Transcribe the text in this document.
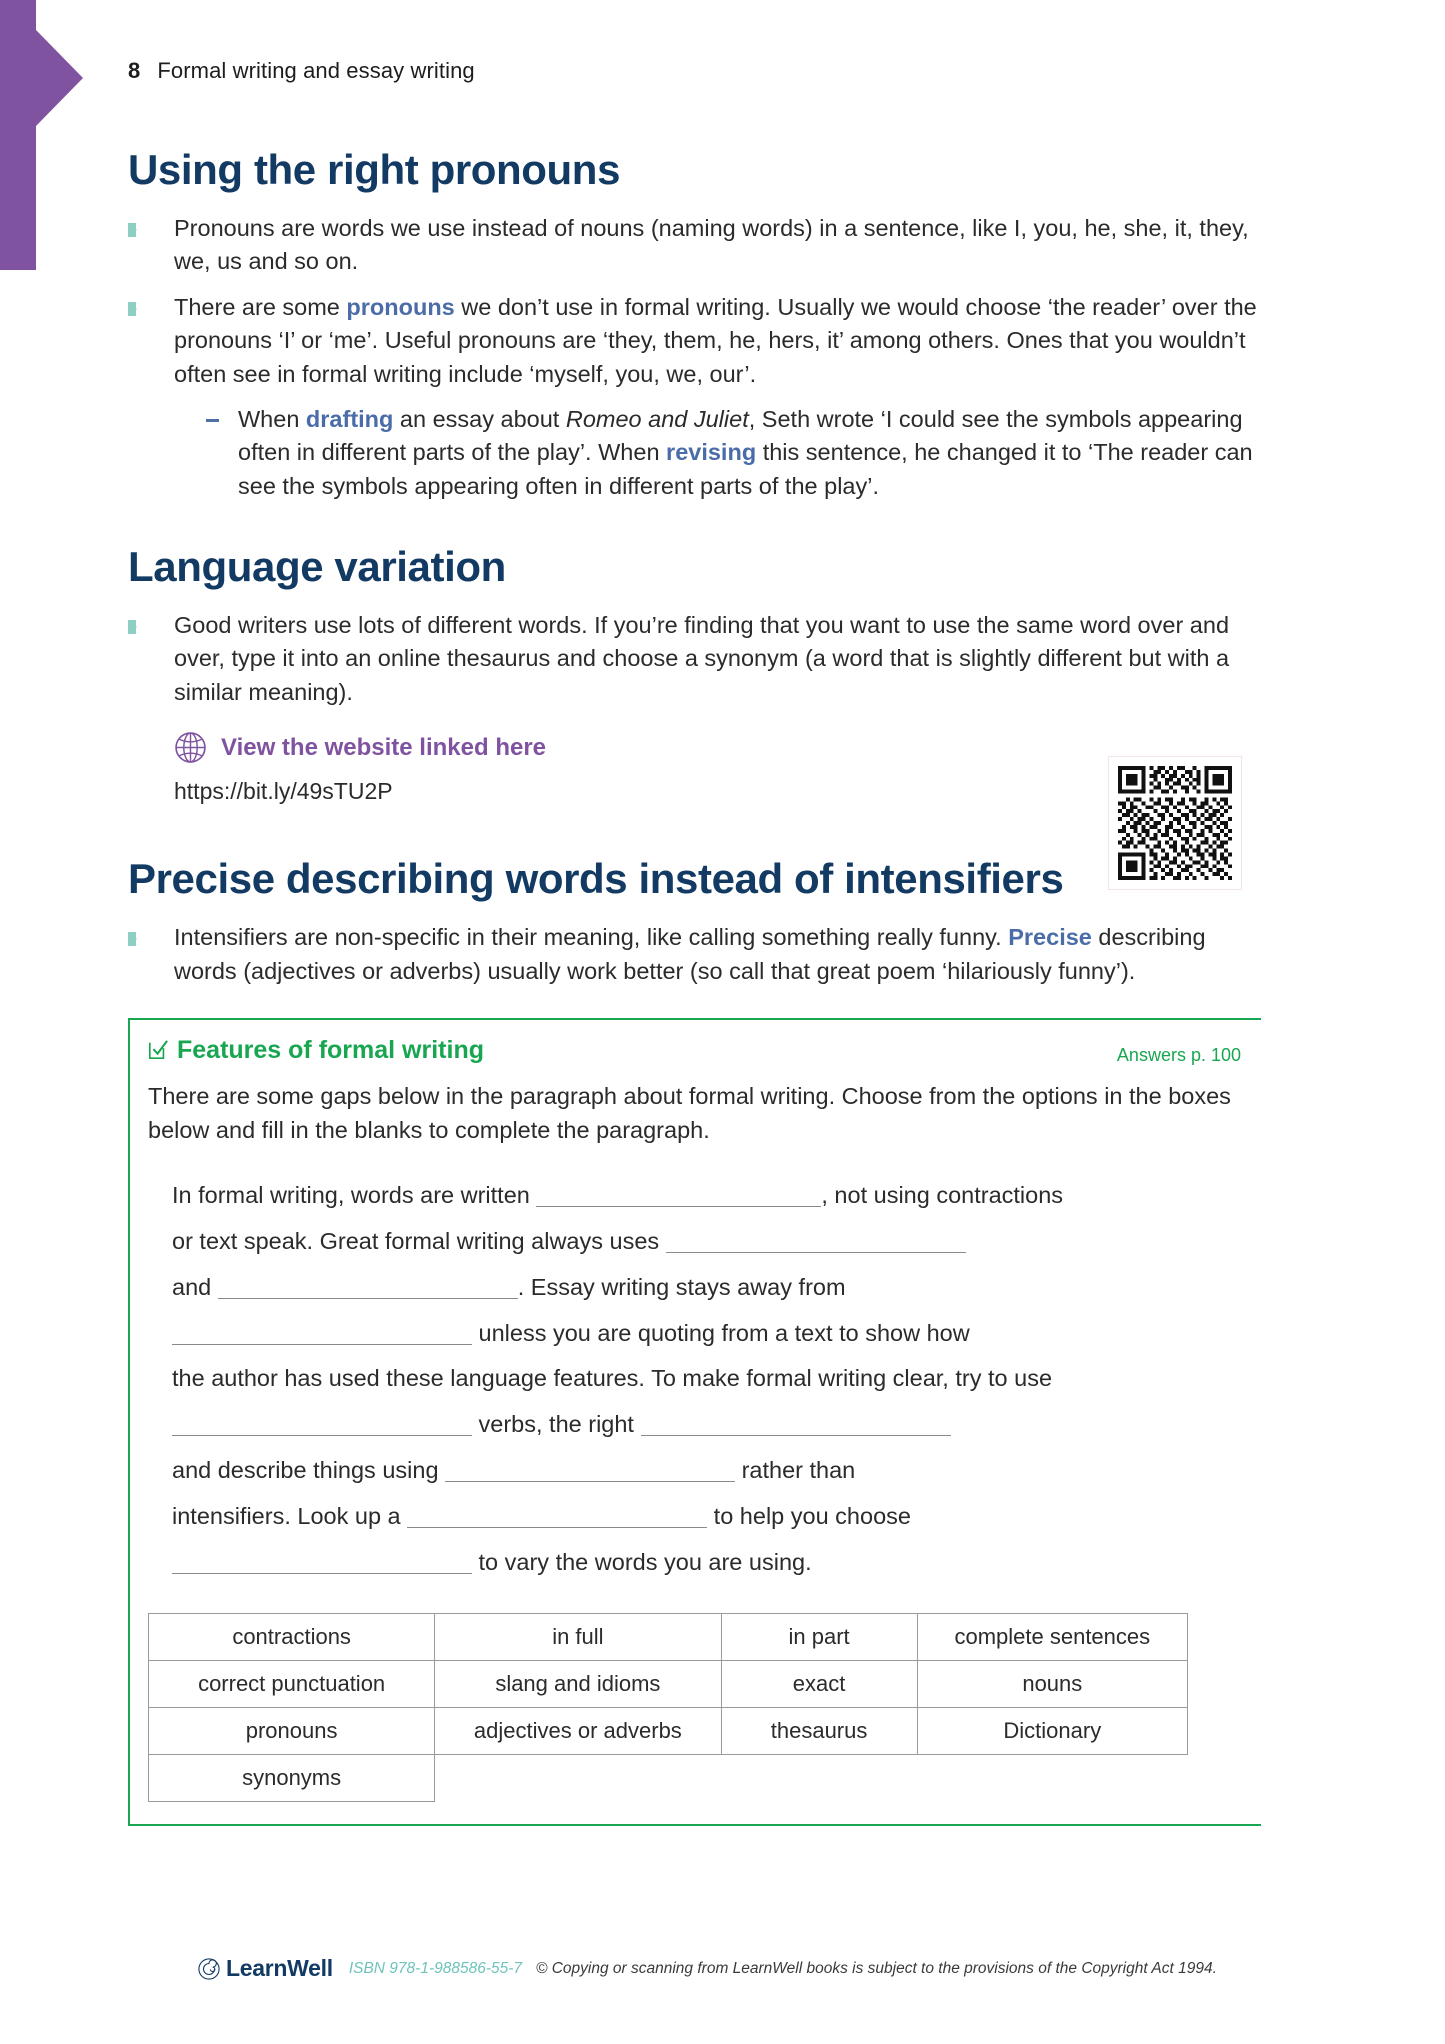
8 Formal writing and essay writing
Using the right pronouns
Pronouns are words we use instead of nouns (naming words) in a sentence, like I, you, he, she, it, they, we, us and so on.
There are some pronouns we don’t use in formal writing. Usually we would choose ‘the reader’ over the pronouns ‘I’ or ‘me’. Useful pronouns are ‘they, them, he, hers, it’ among others. Ones that you wouldn’t often see in formal writing include ‘myself, you, we, our’.
When drafting an essay about Romeo and Juliet, Seth wrote ‘I could see the symbols appearing often in different parts of the play’. When revising this sentence, he changed it to ‘The reader can see the symbols appearing often in different parts of the play’.
Language variation
Good writers use lots of different words. If you’re finding that you want to use the same word over and over, type it into an online thesaurus and choose a synonym (a word that is slightly different but with a similar meaning).
View the website linked here
https://bit.ly/49sTU2P
Precise describing words instead of intensifiers
Intensifiers are non-specific in their meaning, like calling something really funny. Precise describing words (adjectives or adverbs) usually work better (so call that great poem ‘hilariously funny’).
Features of formal writing	Answers p. 100
There are some gaps below in the paragraph about formal writing. Choose from the options in the boxes below and fill in the blanks to complete the paragraph.
In formal writing, words are written	, not using contractions
or text speak. Great formal writing always uses
and	. Essay writing stays away from
unless you are quoting from a text to show how
the author has used these language features. To make formal writing clear, try to use
verbs, the right
and describe things using	rather than
intensifiers. Look up a	to help you choose
to vary the words you are using.
contractions	in full	in part	complete sentences
correct punctuation	slang and idioms	exact	nouns
pronouns	adjectives or adverbs	thesaurus	Dictionary
synonyms			
LearnWell ISBN 978-1-988586-55-7 © Copying or scanning from LearnWell books is subject to the provisions of the Copyright Act 1994.
